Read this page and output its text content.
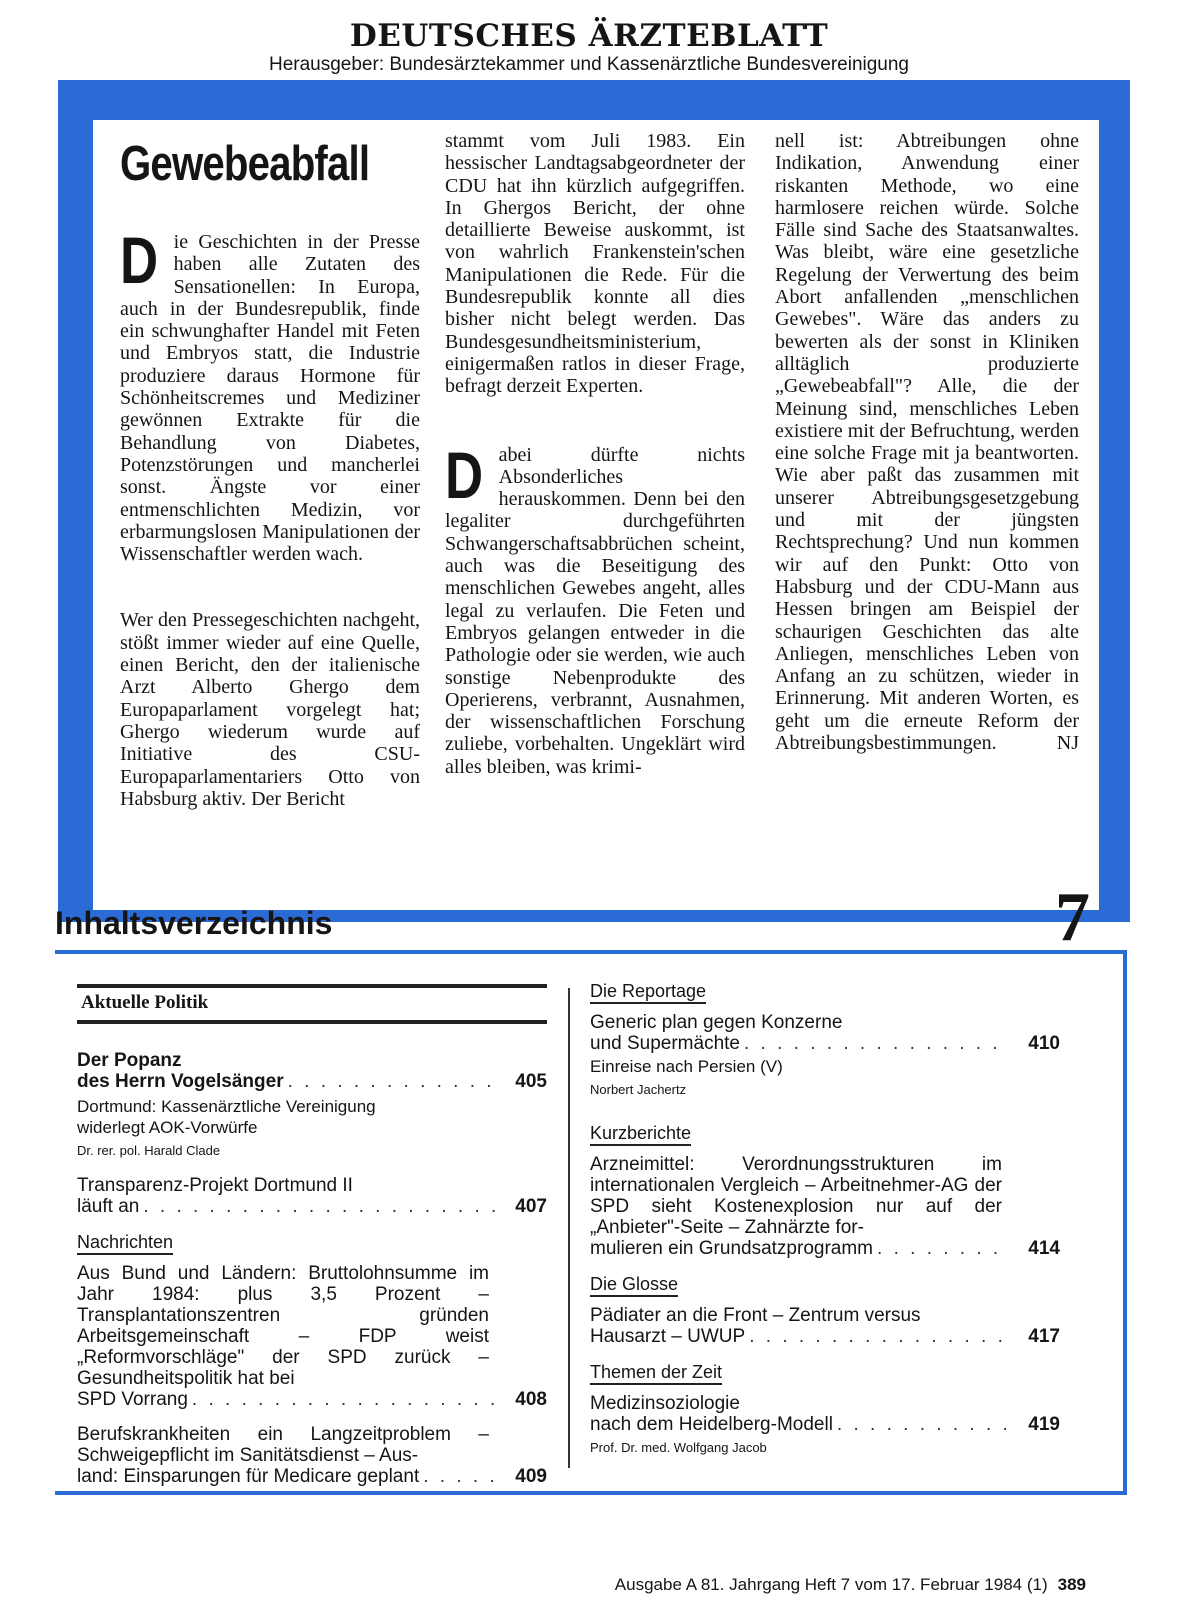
DEUTSCHES ÄRZTEBLATT
Herausgeber: Bundesärztekammer und Kassenärztliche Bundesvereinigung
Gewebeabfall

Die Geschichten in der Presse haben alle Zutaten des Sensationellen: In Europa, auch in der Bundesrepublik, finde ein schwunghafter Handel mit Feten und Embryos statt, die Industrie produziere daraus Hormone für Schönheitscremes und Mediziner gewönnen Extrakte für die Behandlung von Diabetes, Potenzstörungen und mancherlei sonst. Ängste vor einer entmenschlichten Medizin, vor erbarmungslosen Manipulationen der Wissenschaftler werden wach.

Wer den Pressegeschichten nachgeht, stößt immer wieder auf eine Quelle, einen Bericht, den der italienische Arzt Alberto Ghergo dem Europaparlament vorgelegt hat; Ghergo wiederum wurde auf Initiative des CSU-Europaparlamentariers Otto von Habsburg aktiv. Der Bericht

stammt vom Juli 1983. Ein hessischer Landtagsabgeordneter der CDU hat ihn kürzlich aufgegriffen. In Ghergos Bericht, der ohne detaillierte Beweise auskommt, ist von wahrlich Frankenstein'schen Manipulationen die Rede. Für die Bundesrepublik konnte all dies bisher nicht belegt werden. Das Bundesgesundheitsministerium, einigermaßen ratlos in dieser Frage, befragt derzeit Experten.

Dabei dürfte nichts Absonderliches herauskommen. Denn bei den legaliter durchgeführten Schwangerschaftsabbrüchen scheint, auch was die Beseitigung des menschlichen Gewebes angeht, alles legal zu verlaufen. Die Feten und Embryos gelangen entweder in die Pathologie oder sie werden, wie auch sonstige Nebenprodukte des Operierens, verbrannt, Ausnahmen, der wissenschaftlichen Forschung zuliebe, vorbehalten. Ungeklärt wird alles bleiben, was krimi-

nell ist: Abtreibungen ohne Indikation, Anwendung einer riskanten Methode, wo eine harmlosere reichen würde. Solche Fälle sind Sache des Staatsanwaltes. Was bleibt, wäre eine gesetzliche Regelung der Verwertung des beim Abort anfallenden „menschlichen Gewebes". Wäre das anders zu bewerten als der sonst in Kliniken alltäglich produzierte „Gewebeabfall"? Alle, die der Meinung sind, menschliches Leben existiere mit der Befruchtung, werden eine solche Frage mit ja beantworten. Wie aber paßt das zusammen mit unserer Abtreibungsgesetzgebung und mit der jüngsten Rechtsprechung? Und nun kommen wir auf den Punkt: Otto von Habsburg und der CDU-Mann aus Hessen bringen am Beispiel der schaurigen Geschichten das alte Anliegen, menschliches Leben von Anfang an zu schützen, wieder in Erinnerung. Mit anderen Worten, es geht um die erneute Reform der Abtreibungsbestimmungen.	NJ

Inhaltsverzeichnis	7
Aktuelle Politik
Der Popanz
des Herrn Vogelsänger . . .	405
Dortmund: Kassenärztliche Vereinigung widerlegt AOK-Vorwürfe
Dr. rer. pol. Harald Clade
Transparenz-Projekt Dortmund II
läuft an . . .	407
Nachrichten
Aus Bund und Ländern: Bruttolohnsumme im Jahr 1984: plus 3,5 Prozent – Transplantationszentren gründen Arbeitsgemeinschaft – FDP weist „Reformvorschläge" der SPD zurück – Gesundheitspolitik hat bei
SPD Vorrang . . .	408
Berufskrankheiten ein Langzeitproblem – Schweigepflicht im Sanitätsdienst – Aus-
land: Einsparungen für Medicare geplant . . .	409
Die Reportage
Generic plan gegen Konzerne
und Supermächte . . .	410
Einreise nach Persien (V)
Norbert Jachertz
Kurzberichte
Arzneimittel: Verordnungsstrukturen im internationalen Vergleich – Arbeitnehmer-AG der SPD sieht Kostenexplosion nur auf der „Anbieter"-Seite – Zahnärzte for-
mulieren ein Grundsatzprogramm . . .	414
Die Glosse
Pädiater an die Front – Zentrum versus
Hausarzt – UWUP . . .	417
Themen der Zeit
Medizinsoziologie
nach dem Heidelberg-Modell . . .	419
Prof. Dr. med. Wolfgang Jacob
Ausgabe A 81. Jahrgang Heft 7 vom 17. Februar 1984 (1) 389
